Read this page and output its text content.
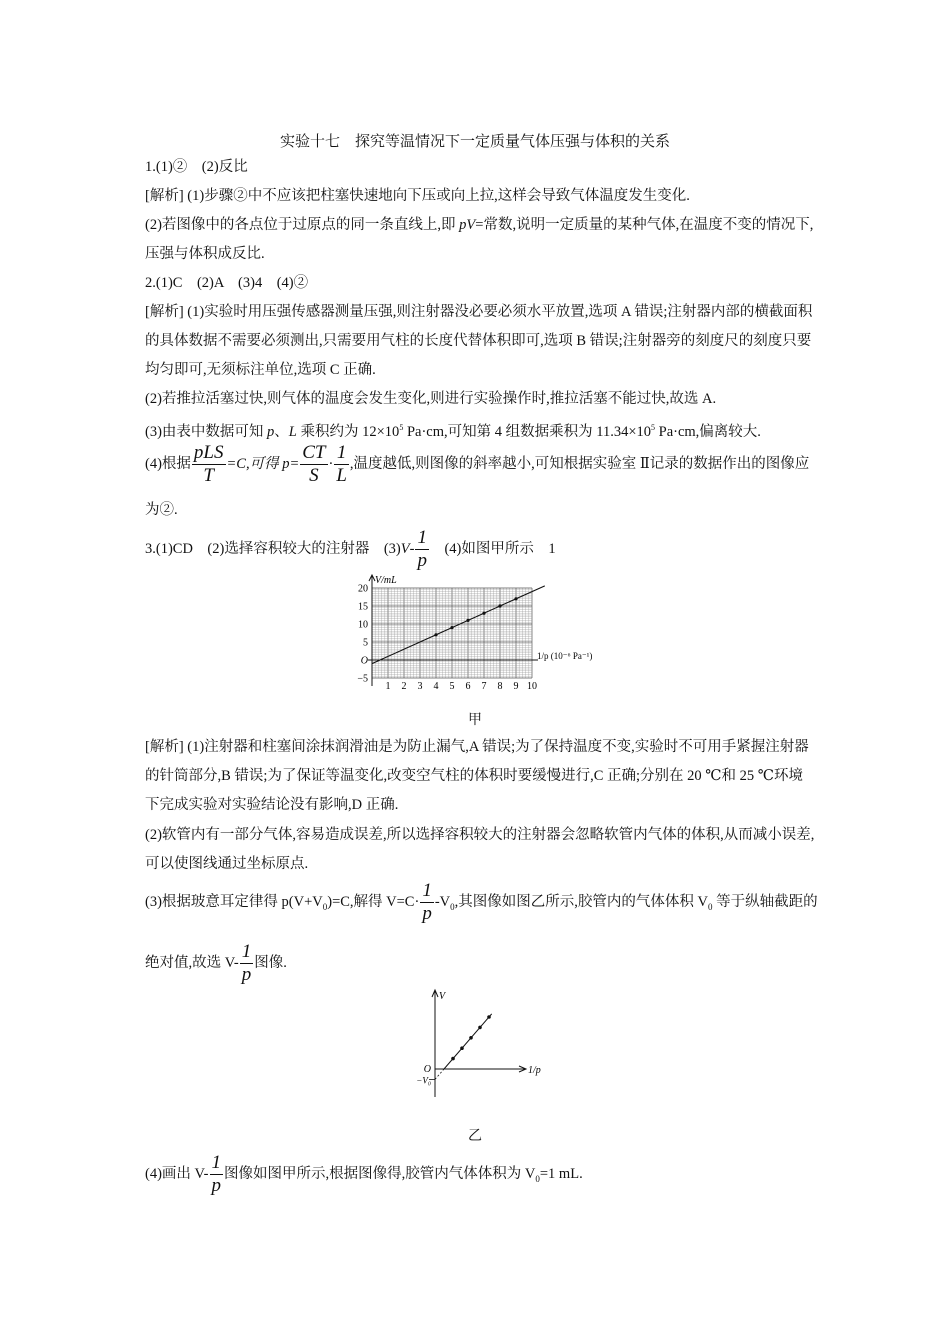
实验十七　探究等温情况下一定质量气体压强与体积的关系
1.(1)②　(2)反比
[解析] (1)步骤②中不应该把柱塞快速地向下压或向上拉,这样会导致气体温度发生变化.
(2)若图像中的各点位于过原点的同一条直线上,即 pV=常数,说明一定质量的某种气体,在温度不变的情况下,
压强与体积成反比.
2.(1)C　(2)A　(3)4　(4)②
[解析] (1)实验时用压强传感器测量压强,则注射器没必要必须水平放置,选项 A 错误;注射器内部的横截面积
的具体数据不需要必须测出,只需要用气柱的长度代替体积即可,选项 B 错误;注射器旁的刻度尺的刻度只要
均匀即可,无须标注单位,选项 C 正确.
(2)若推拉活塞过快,则气体的温度会发生变化,则进行实验操作时,推拉活塞不能过快,故选 A.
(3)由表中数据可知 p、L 乘积约为 $12\times 10^5$ Pa·cm,可知第 4 组数据乘积为 $11.34\times 10^5$ Pa·cm,偏离较大.
(4)根据 $\frac{\text{pLS}}{T} =C$,可得 $p= \frac{CT}{S} \cdot \frac{1}{L}$ ,温度越低,则图像的斜率越小,可知根据实验室 Ⅱ记录的数据作出的图像应
为②.
3.(1)CD　(2)选择容积较大的注射器　$(3)V- \frac{1}{p}$ 　(4)如图甲所示　1
V/mL
20
15
10
5
−5
O
1 2 3 4 5 6 7 8 9 10
1/p (10⁻⁶ Pa⁻¹)
甲
[解析] (1)注射器和柱塞间涂抹润滑油是为防止漏气,A 错误;为了保持温度不变,实验时不可用手紧握注射器
的针筒部分,B 错误;为了保证等温变化,改变空气柱的体积时要缓慢进行,C 正确;分别在 20 ℃和 25 ℃环境
下完成实验对实验结论没有影响,D 正确.
(2)软管内有一部分气体,容易造成误差,所以选择容积较大的注射器会忽略软管内气体的体积,从而减小误差,
可以使图线通过坐标原点.
(3)根据玻意耳定律得 $p(V+V_0)=C$,解得 $V=C\cdot \frac{1}{p} -V_0$,其图像如图乙所示,胶管内的气体体积 $V_0$ 等于纵轴截距的
绝对值,故选 $V- \frac{1}{p}$ 图像.
V
O
−V₀
1/p
乙
(4)画出 $V- \frac{1}{p}$ 图像如图甲所示,根据图像得,胶管内气体体积为 $V_0=1$ mL.
